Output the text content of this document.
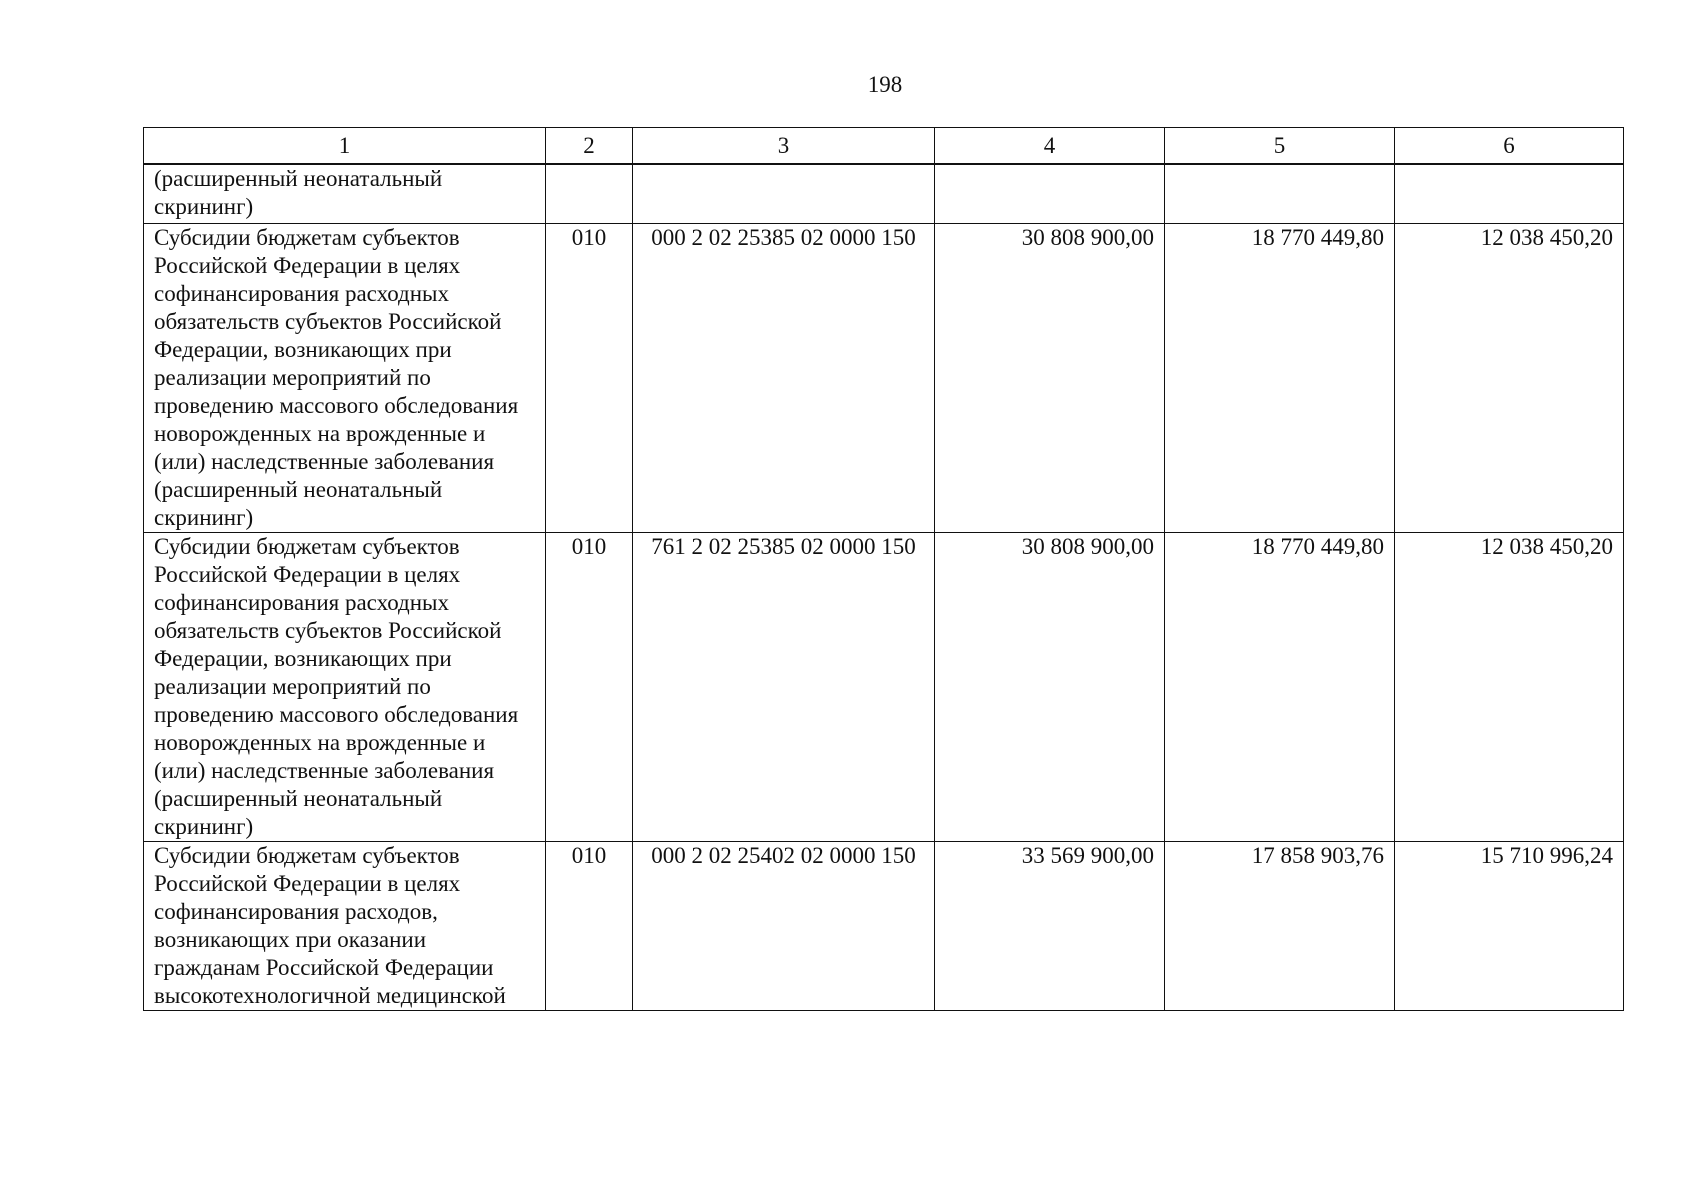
198
1	2	3	4	5	6
(расширенный неонатальный скрининг)					
Субсидии бюджетам субъектов Российской Федерации в целях софинансирования расходных обязательств субъектов Российской Федерации, возникающих при реализации мероприятий по проведению массового обследования новорожденных на врожденные и (или) наследственные заболевания (расширенный неонатальный скрининг)	010	000 2 02 25385 02 0000 150	30 808 900,00	18 770 449,80	12 038 450,20
Субсидии бюджетам субъектов Российской Федерации в целях софинансирования расходных обязательств субъектов Российской Федерации, возникающих при реализации мероприятий по проведению массового обследования новорожденных на врожденные и (или) наследственные заболевания (расширенный неонатальный скрининг)	010	761 2 02 25385 02 0000 150	30 808 900,00	18 770 449,80	12 038 450,20
Субсидии бюджетам субъектов Российской Федерации в целях софинансирования расходов, возникающих при оказании гражданам Российской Федерации высокотехнологичной медицинской	010	000 2 02 25402 02 0000 150	33 569 900,00	17 858 903,76	15 710 996,24
